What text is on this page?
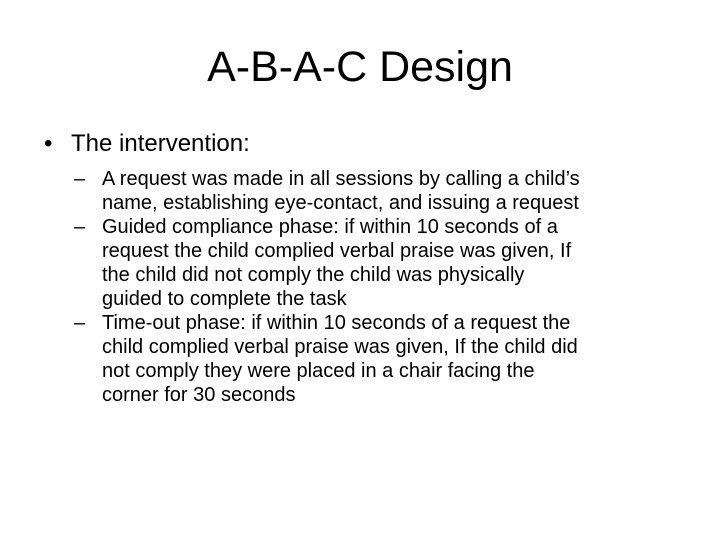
A-B-A-C Design
• The intervention:
– A request was made in all sessions by calling a child’s
name, establishing eye-contact, and issuing a request
– Guided compliance phase: if within 10 seconds of a
request the child complied verbal praise was given, If
the child did not comply the child was physically
guided to complete the task
– Time-out phase: if within 10 seconds of a request the
child complied verbal praise was given, If the child did
not comply they were placed in a chair facing the
corner for 30 seconds
